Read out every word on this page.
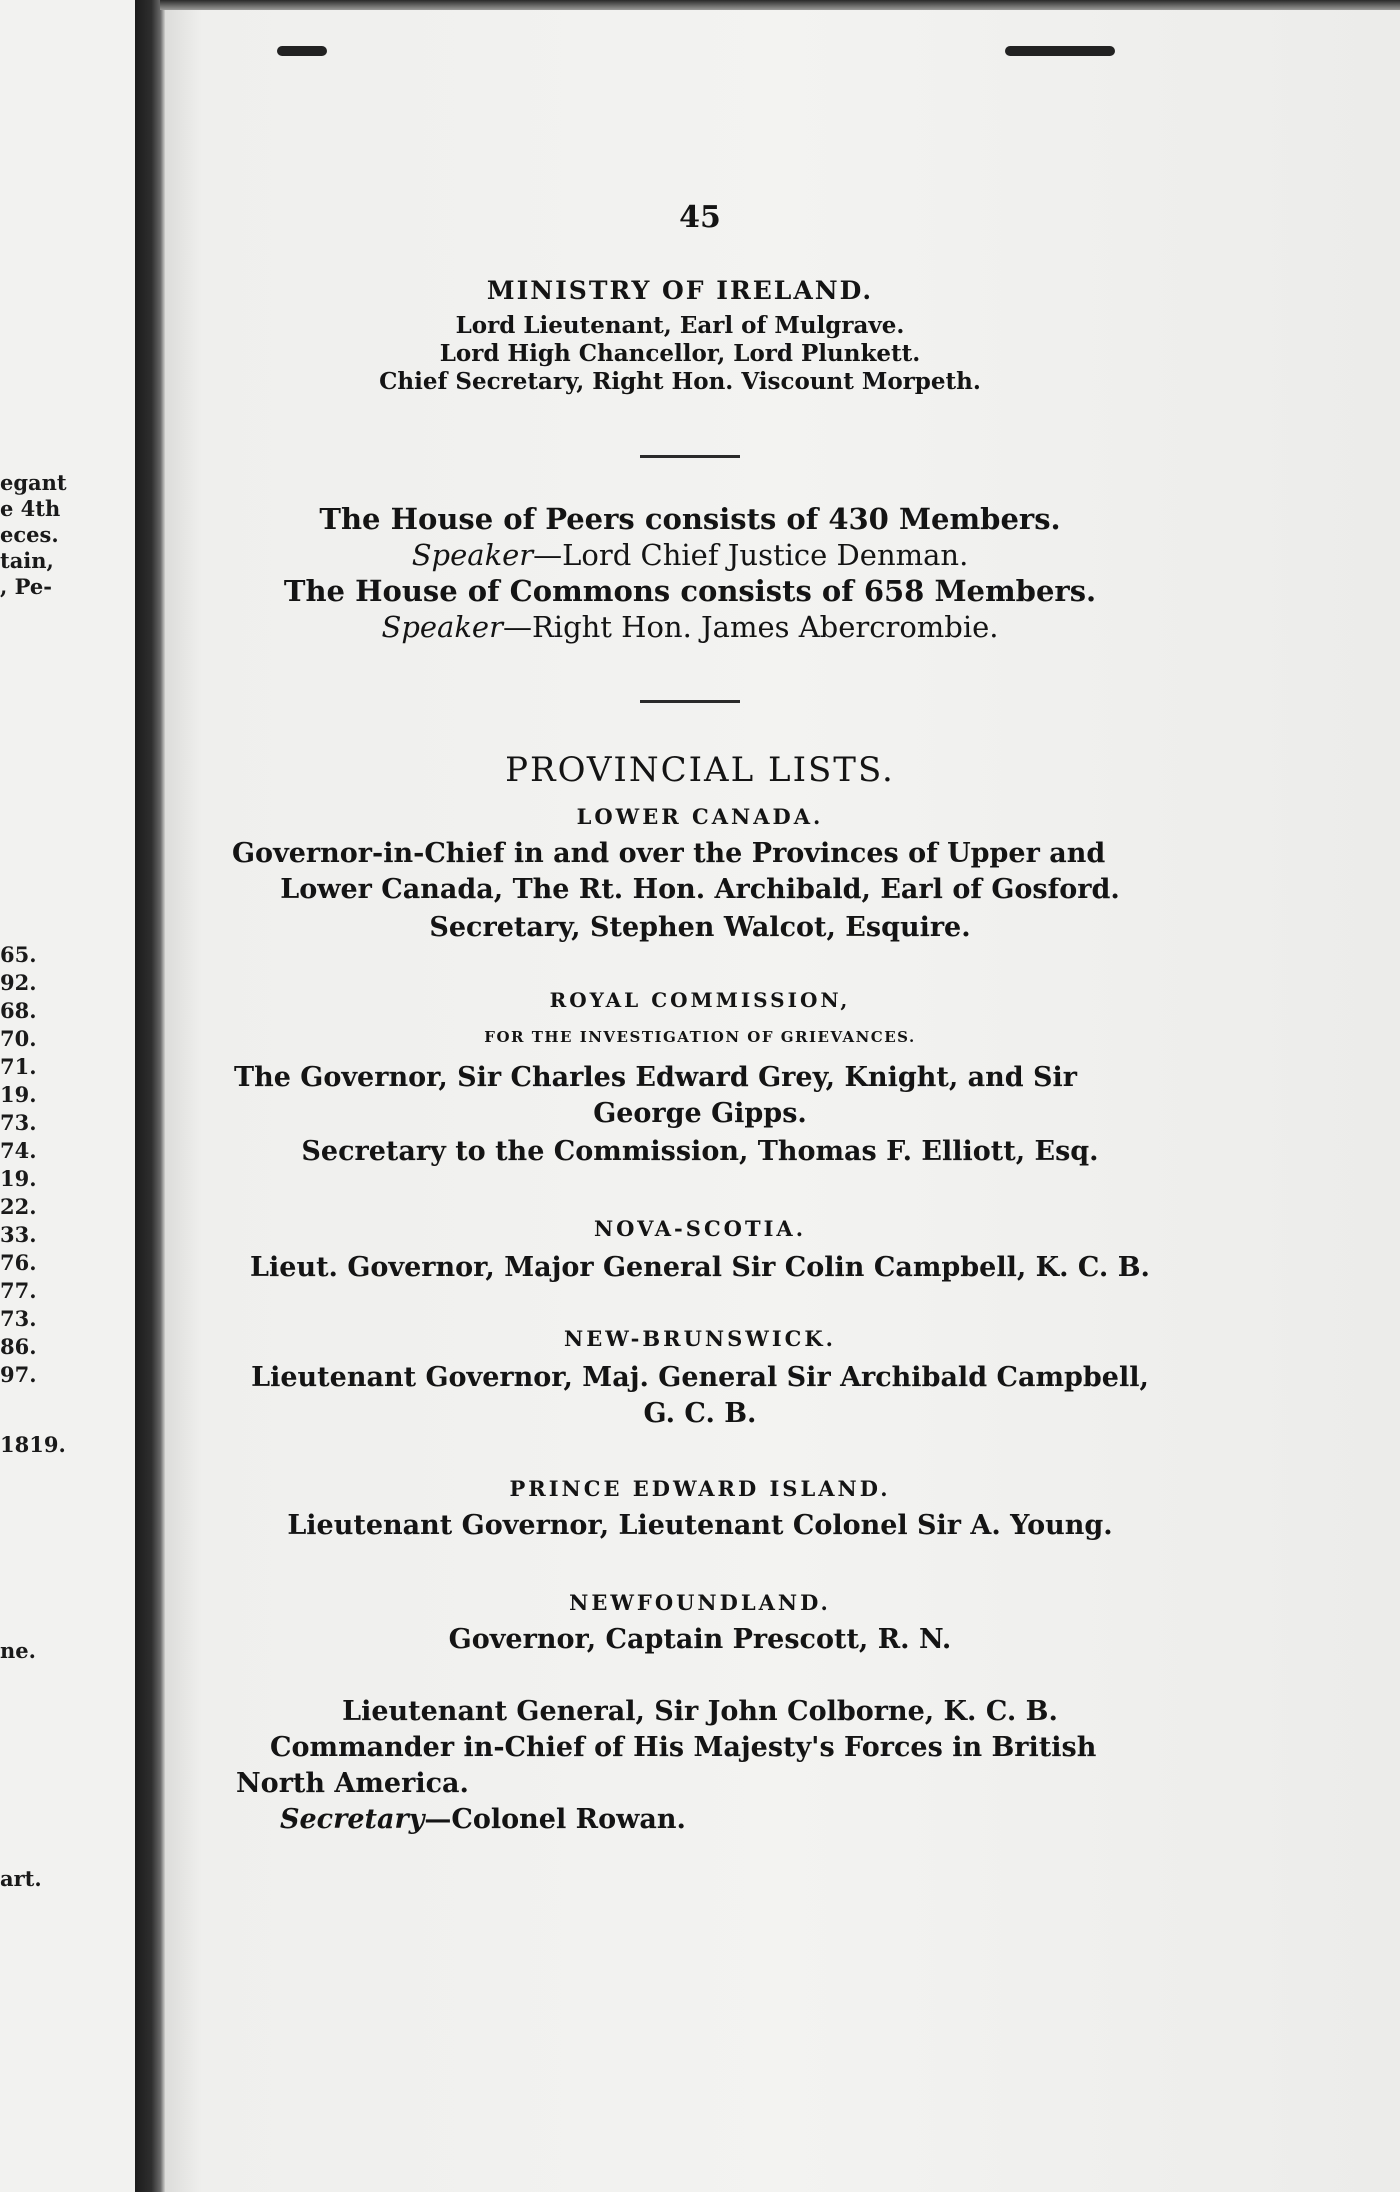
egant
e 4th
eces.
tain,
, Pe-
65.
92.
68.
70.
71.
19.
73.
74.
19.
22.
33.
76.
77.
73.
86.
97.
1819.
ne.
art.
45
MINISTRY OF IRELAND.
Lord Lieutenant, Earl of Mulgrave.
Lord High Chancellor, Lord Plunkett.
Chief Secretary, Right Hon. Viscount Morpeth.
The House of Peers consists of 430 Members.
Speaker—Lord Chief Justice Denman.
The House of Commons consists of 658 Members.
Speaker—Right Hon. James Abercrombie.
PROVINCIAL LISTS.
LOWER CANADA.
Governor-in-Chief in and over the Provinces of Upper and
Lower Canada, The Rt. Hon. Archibald, Earl of Gosford.
Secretary, Stephen Walcot, Esquire.
ROYAL COMMISSION,
FOR THE INVESTIGATION OF GRIEVANCES.
The Governor, Sir Charles Edward Grey, Knight, and Sir
George Gipps.
Secretary to the Commission, Thomas F. Elliott, Esq.
NOVA-SCOTIA.
Lieut. Governor, Major General Sir Colin Campbell, K. C. B.
NEW-BRUNSWICK.
Lieutenant Governor, Maj. General Sir Archibald Campbell,
G. C. B.
PRINCE EDWARD ISLAND.
Lieutenant Governor, Lieutenant Colonel Sir A. Young.
NEWFOUNDLAND.
Governor, Captain Prescott, R. N.
Lieutenant General, Sir John Colborne, K. C. B.
Commander in-Chief of His Majesty's Forces in British
North America.
Secretary—Colonel Rowan.
